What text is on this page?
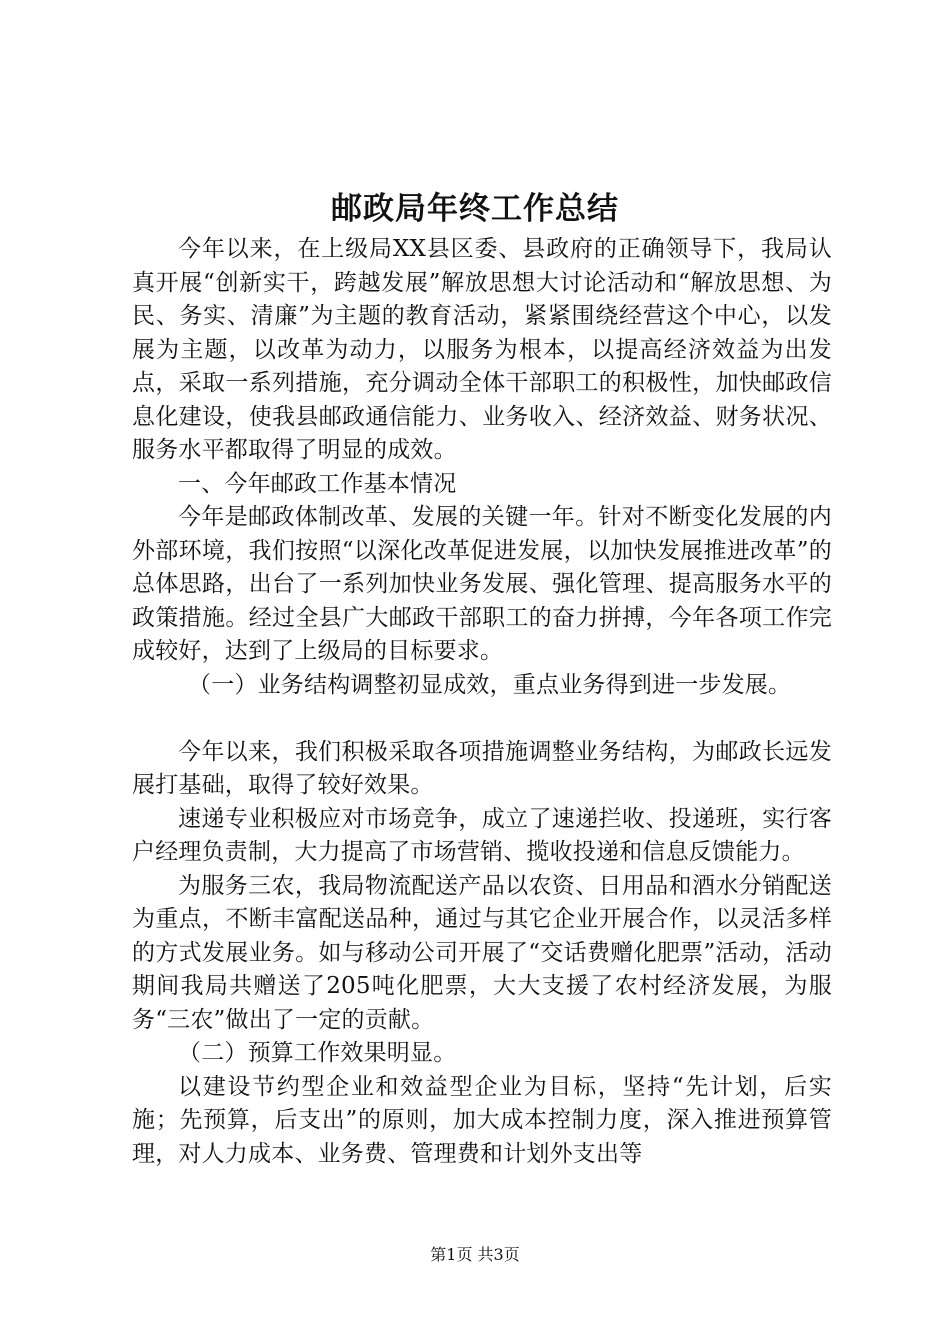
邮政局年终工作总结

今年以来，在上级局XX县区委、县政府的正确领导下，我局认真开展“创新实干，跨越发展”解放思想大讨论活动和“解放思想、为民、务实、清廉”为主题的教育活动，紧紧围绕经营这个中心，以发展为主题，以改革为动力，以服务为根本，以提高经济效益为出发点，采取一系列措施，充分调动全体干部职工的积极性，加快邮政信息化建设，使我县邮政通信能力、业务收入、经济效益、财务状况、服务水平都取得了明显的成效。

一、今年邮政工作基本情况

今年是邮政体制改革、发展的关键一年。针对不断变化发展的内外部环境，我们按照“以深化改革促进发展，以加快发展推进改革”的总体思路，出台了一系列加快业务发展、强化管理、提高服务水平的政策措施。经过全县广大邮政干部职工的奋力拼搏，今年各项工作完成较好，达到了上级局的目标要求。

（一）业务结构调整初显成效，重点业务得到进一步发展。

今年以来，我们积极采取各项措施调整业务结构，为邮政长远发展打基础，取得了较好效果。

速递专业积极应对市场竞争，成立了速递拦收、投递班，实行客户经理负责制，大力提高了市场营销、揽收投递和信息反馈能力。

为服务三农，我局物流配送产品以农资、日用品和酒水分销配送为重点，不断丰富配送品种，通过与其它企业开展合作，以灵活多样的方式发展业务。如与移动公司开展了“交话费赠化肥票”活动，活动期间我局共赠送了205吨化肥票，大大支援了农村经济发展，为服务“三农”做出了一定的贡献。

（二）预算工作效果明显。

以建设节约型企业和效益型企业为目标，坚持“先计划，后实施；先预算，后支出”的原则，加大成本控制力度，深入推进预算管理，对人力成本、业务费、管理费和计划外支出等

第1页 共3页
